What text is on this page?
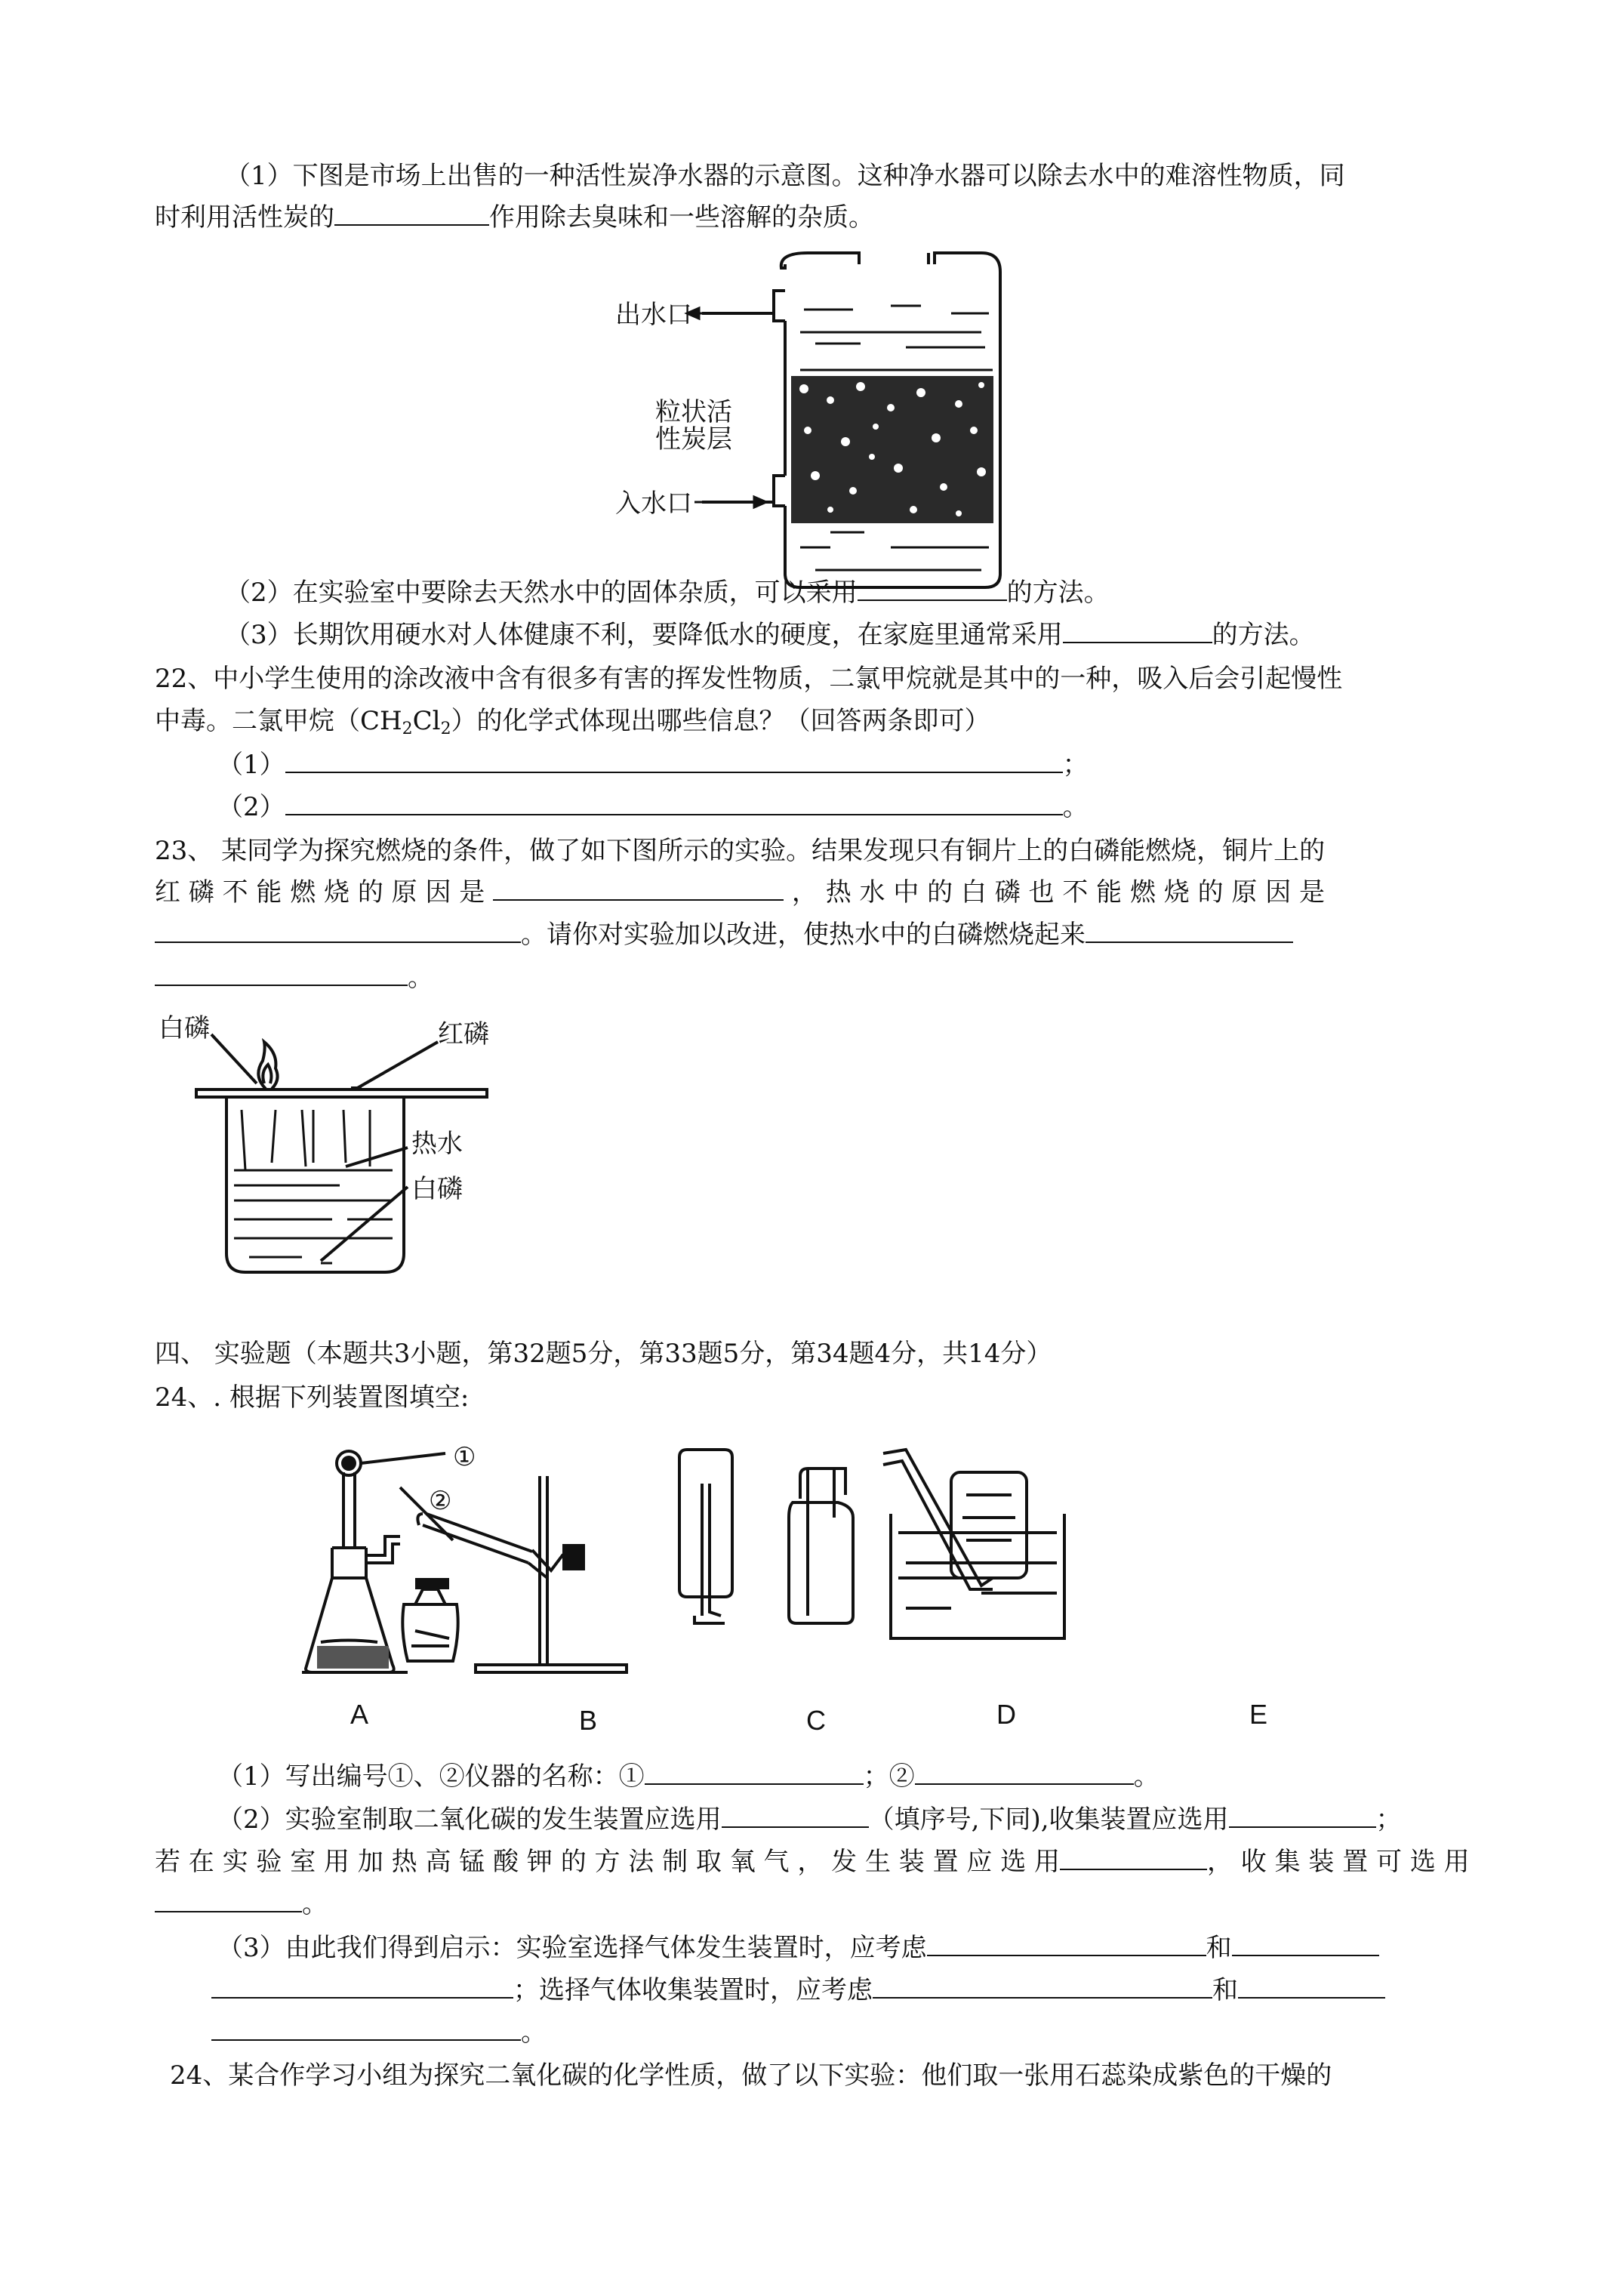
（1）下图是市场上出售的一种活性炭净水器的示意图。这种净水器可以除去水中的难溶性物质，同
时利用活性炭的	作用除去臭味和一些溶解的杂质。
出水口
粒状活
性炭层
入水口
（2）在实验室中要除去天然水中的固体杂质，可以采用	的方法。
（3）长期饮用硬水对人体健康不利，要降低水的硬度，在家庭里通常采用	的方法。
22、中小学生使用的涂改液中含有很多有害的挥发性物质，二氯甲烷就是其中的一种，吸入后会引起慢性
中毒。二氯甲烷$(CH_2Cl_2)$的化学式体现出哪些信息？（回答两条即可）
（1）	；
（2）	。
23、 某同学为探究燃烧的条件，做了如下图所示的实验。结果发现只有铜片上的白磷能燃烧，铜片上的
红 磷 不 能 燃 烧 的 原 因 是	， 热 水 中 的 白 磷 也 不 能 燃 烧 的 原 因 是
。请你对实验加以改进，使热水中的白磷燃烧起来
。
白磷	红磷
热水
白磷
四、 实验题（本题共3小题，第32题5分，第33题5分，第34题4分，共14分）
24、. 根据下列装置图填空:
①
②
A	B	C	D	E
（1）写出编号①、②仪器的名称：①	；②	。
（2）实验室制取二氧化碳的发生装置应选用	（填序号,下同),收集装置应选用	；
若 在 实 验 室 用 加 热 高 锰 酸 钾 的 方 法 制 取 氧 气 ， 发 生 装 置 应 选 用	， 收 集 装 置 可 选 用
。
（3）由此我们得到启示：实验室选择气体发生装置时，应考虑	和
；选择气体收集装置时，应考虑	和
。
24、某合作学习小组为探究二氧化碳的化学性质，做了以下实验：他们取一张用石蕊染成紫色的干燥的
